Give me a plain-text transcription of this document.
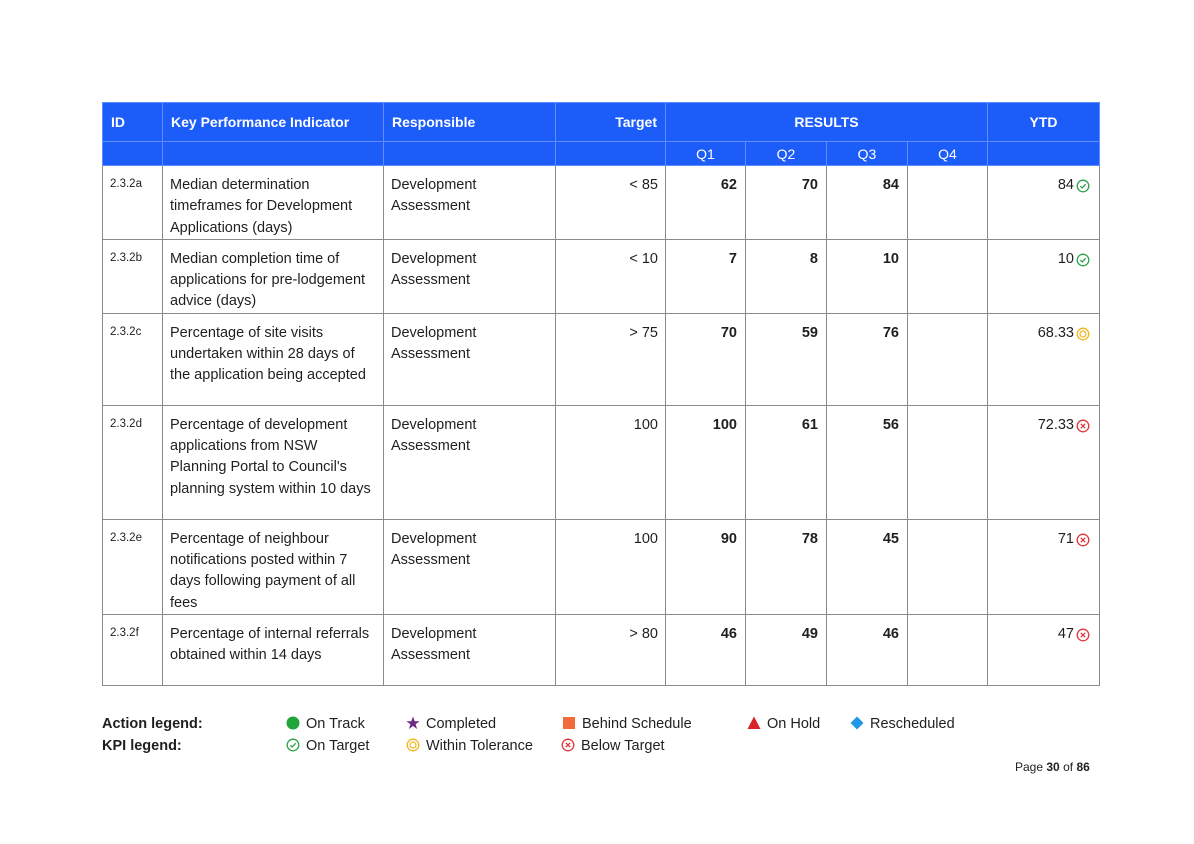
ID	Key Performance Indicator	Responsible	Target	RESULTS				YTD
				Q1	Q2	Q3	Q4	
2.3.2a	Median determination timeframes for Development Applications (days)	Development Assessment	< 85	62	70	84		84

2.3.2b	Median completion time of applications for pre-lodgement advice (days)	Development Assessment	< 10	7	8	10		10

2.3.2c	Percentage of site visits undertaken within 28 days of the application being accepted	Development Assessment	> 75	70	59	76		68.33

2.3.2d	Percentage of development applications from NSW Planning Portal to Council's planning system within 10 days	Development Assessment	100	100	61	56		72.33

2.3.2e	Percentage of neighbour notifications posted within 7 days following payment of all fees	Development Assessment	100	90	78	45		71

2.3.2f	Percentage of internal referrals obtained within 14 days	Development Assessment	> 80	46	49	46		47
Action legend:
KPI legend:
On Track	Completed	Behind Schedule	On Hold	Rescheduled
On Target	Within Tolerance	Below Target
Page 30 of 86
